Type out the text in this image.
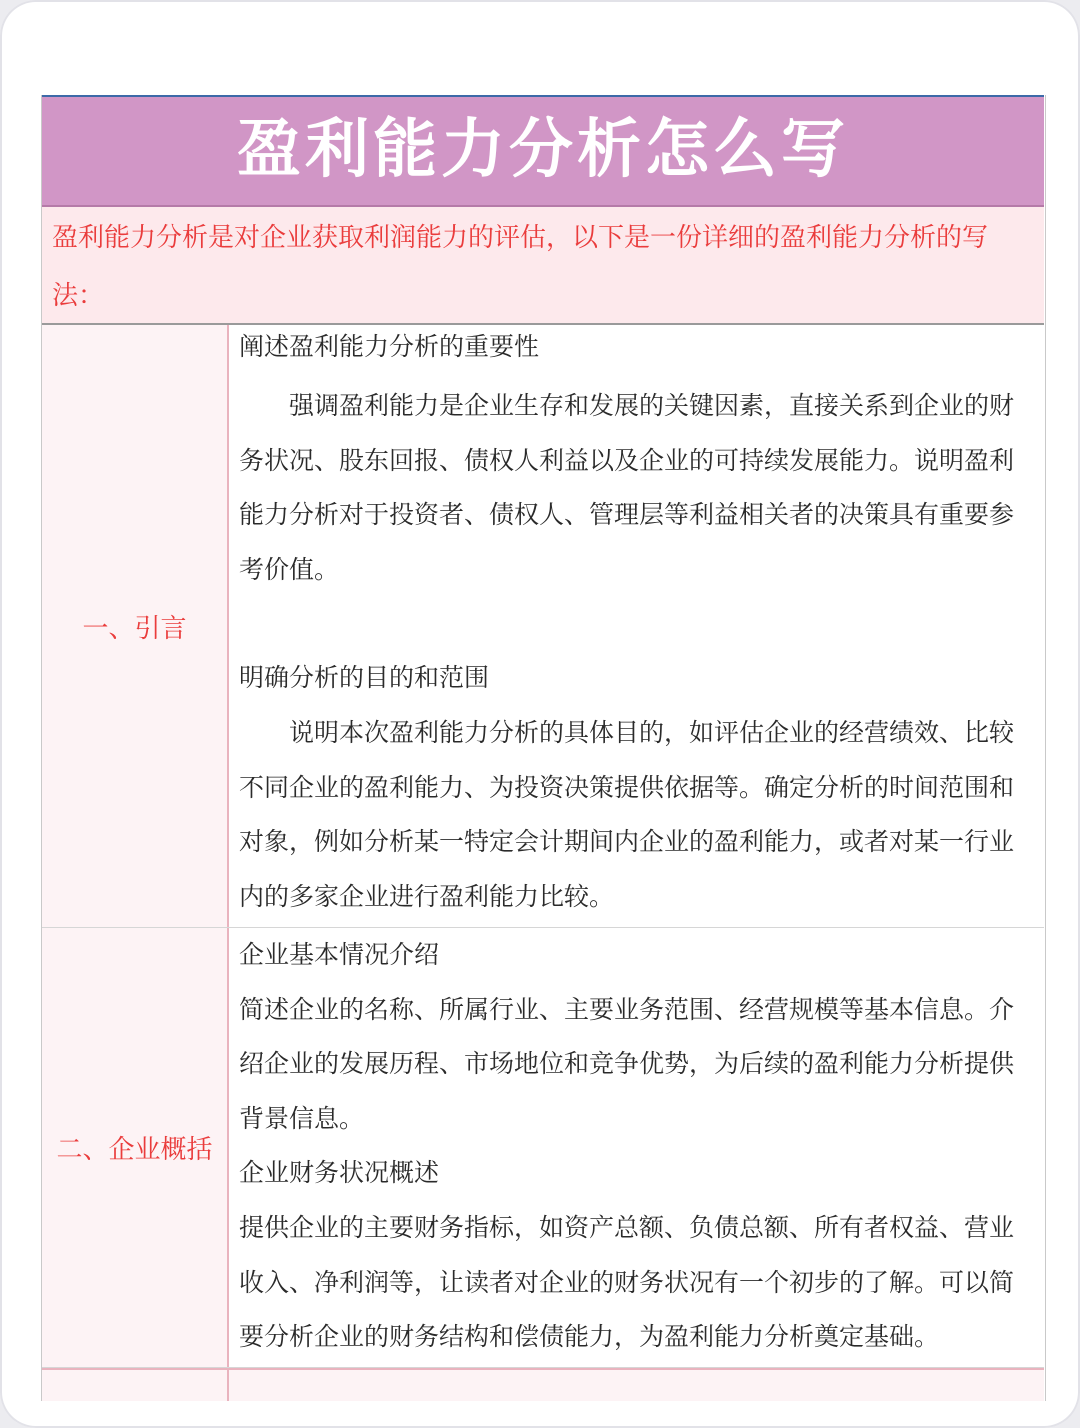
盈利能力分析怎么写
盈利能力分析是对企业获取利润能力的评估，以下是一份详细的盈利能力分析的写法：
一、引言

阐述盈利能力分析的重要性

强调盈利能力是企业生存和发展的关键因素，直接关系到企业的财务状况、股东回报、债权人利益以及企业的可持续发展能力。说明盈利能力分析对于投资者、债权人、管理层等利益相关者的决策具有重要参考价值。

明确分析的目的和范围

说明本次盈利能力分析的具体目的，如评估企业的经营绩效、比较不同企业的盈利能力、为投资决策提供依据等。确定分析的时间范围和对象，例如分析某一特定会计期间内企业的盈利能力，或者对某一行业内的多家企业进行盈利能力比较。

二、企业概括

企业基本情况介绍

简述企业的名称、所属行业、主要业务范围、经营规模等基本信息。介绍企业的发展历程、市场地位和竞争优势，为后续的盈利能力分析提供背景信息。

企业财务状况概述

提供企业的主要财务指标，如资产总额、负债总额、所有者权益、营业收入、净利润等，让读者对企业的财务状况有一个初步的了解。可以简要分析企业的财务结构和偿债能力，为盈利能力分析奠定基础。
